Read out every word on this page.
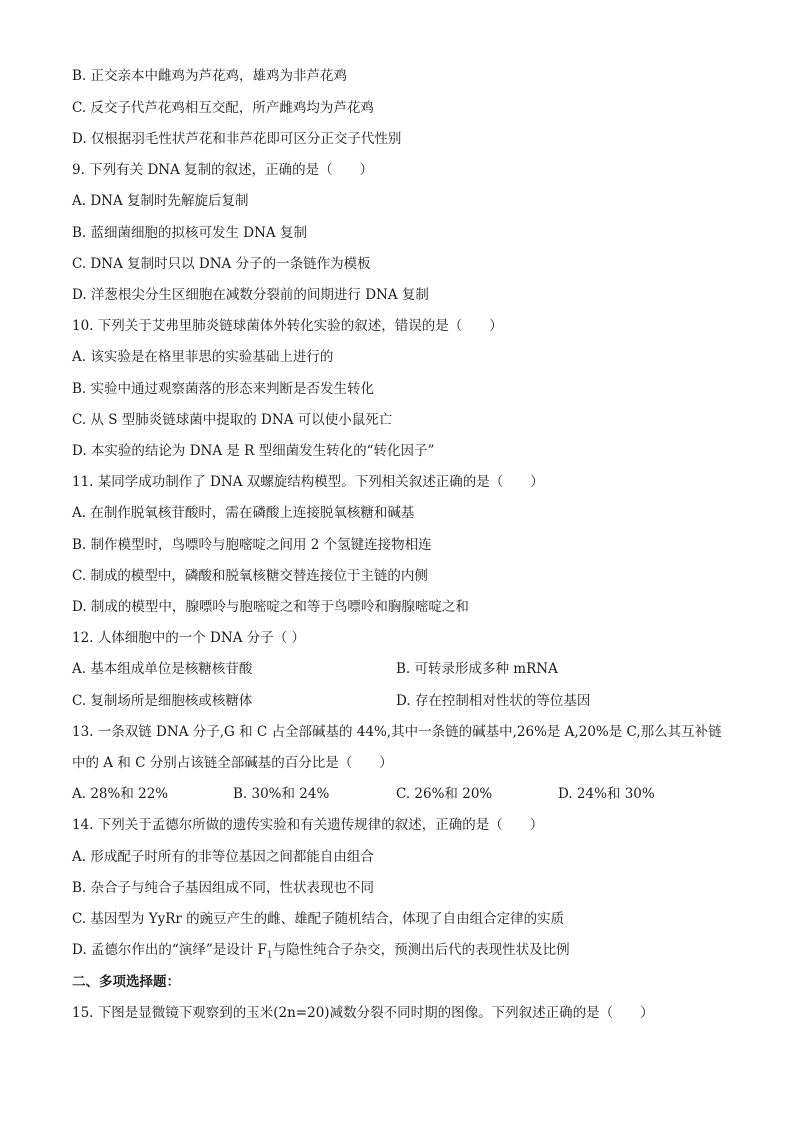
B. 正交亲本中雌鸡为芦花鸡，雄鸡为非芦花鸡
C. 反交子代芦花鸡相互交配，所产雌鸡均为芦花鸡
D. 仅根据羽毛性状芦花和非芦花即可区分正交子代性别
9. 下列有关 DNA 复制的叙述，正确的是（　　）
A. DNA 复制时先解旋后复制
B. 蓝细菌细胞的拟核可发生 DNA 复制
C. DNA 复制时只以 DNA 分子的一条链作为模板
D. 洋葱根尖分生区细胞在减数分裂前的间期进行 DNA 复制
10. 下列关于艾弗里肺炎链球菌体外转化实验的叙述，错误的是（　　）
A. 该实验是在格里菲思的实验基础上进行的
B. 实验中通过观察菌落的形态来判断是否发生转化
C. 从 S 型肺炎链球菌中提取的 DNA 可以使小鼠死亡
D. 本实验的结论为 DNA 是 R 型细菌发生转化的“转化因子”
11. 某同学成功制作了 DNA 双螺旋结构模型。下列相关叙述正确的是（　　）
A. 在制作脱氧核苷酸时，需在磷酸上连接脱氧核糖和碱基
B. 制作模型时，鸟嘌呤与胞嘧啶之间用 2 个氢键连接物相连
C. 制成的模型中，磷酸和脱氧核糖交替连接位于主链的内侧
D. 制成的模型中，腺嘌呤与胞嘧啶之和等于鸟嘌呤和胸腺嘧啶之和
12. 人体细胞中的一个 DNA 分子（ ）
A. 基本组成单位是核糖核苷酸	B. 可转录形成多种 mRNA
C. 复制场所是细胞核或核糖体	D. 存在控制相对性状的等位基因
13. 一条双链 DNA 分子,G 和 C 占全部碱基的 44%,其中一条链的碱基中,26%是 A,20%是 C,那么其互补链
中的 A 和 C 分别占该链全部碱基的百分比是（　　）
A. 28%和 22%	B. 30%和 24%	C. 26%和 20%	D. 24%和 30%
14. 下列关于孟德尔所做的遗传实验和有关遗传规律的叙述，正确的是（　　）
A. 形成配子时所有的非等位基因之间都能自由组合
B. 杂合子与纯合子基因组成不同，性状表现也不同
C. 基因型为 YyRr 的豌豆产生的雌、雄配子随机结合，体现了自由组合定律的实质
D. 孟德尔作出的“演绎”是设计 $F_1$与隐性纯合子杂交，预测出后代的表现性状及比例
二、多项选择题：
15. 下图是显微镜下观察到的玉米(2n=20)减数分裂不同时期的图像。下列叙述正确的是（　　）
